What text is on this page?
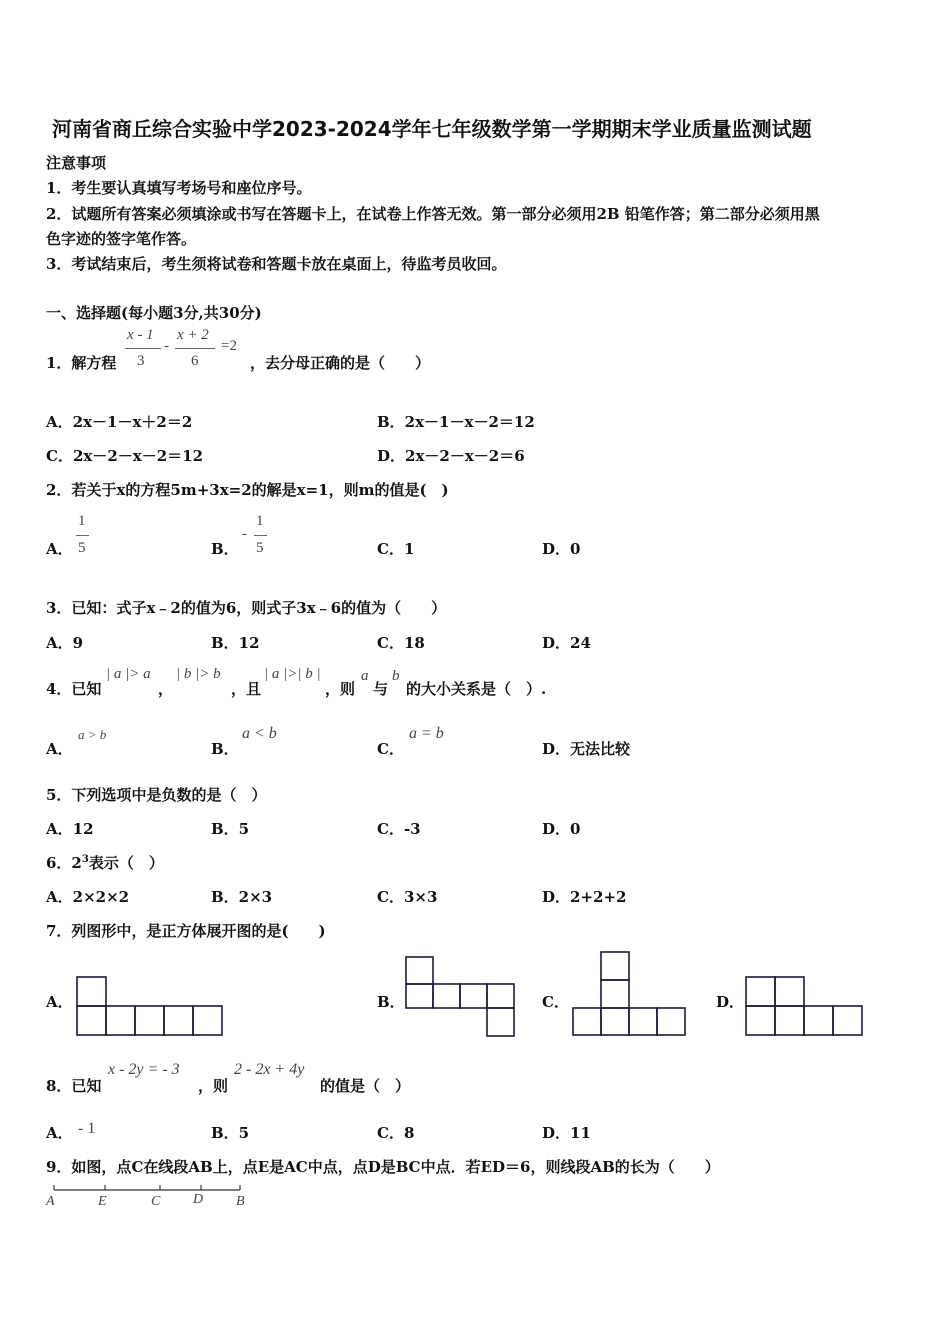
河南省商丘综合实验中学2023-2024学年七年级数学第一学期期末学业质量监测试题
注意事项
1．考生要认真填写考场号和座位序号。
2．试题所有答案必须填涂或书写在答题卡上，在试卷上作答无效。第一部分必须用2B 铅笔作答；第二部分必须用黑
色字迹的签字笔作答。
3．考试结束后，考生须将试卷和答题卡放在桌面上，待监考员收回。
一、选择题(每小题3分,共30分)
1．解方程
x - 1
3
-
x + 2
6
=2
，去分母正确的是（　　）
A．2x－1－x＋2＝2	B．2x－1－x－2＝12
C．2x－2－x－2＝12	D．2x－2－x－2＝6
2．若关于x的方程5m+3x=2的解是x=1，则m的值是(　)
A．
1
5	B．
-
1
5	C．1	D．0
3．已知：式子x﹣2的值为6，则式子3x﹣6的值为（　　）
A．9	B．12	C．18	D．24
4．已知
| a |> a
，
| b |> b
，且
| a |>| b |
，则
a
与
b
的大小关系是（　）.
A．
a > b
B．
a < b
C．
a = b
D．无法比较
5．下列选项中是负数的是（　）
A．12	B．5	C．-3	D．0
6．$2^3$表示（　）
A．2×2×2	B．2×3	C．3×3	D．2+2+2
7．列图形中，是正方体展开图的是(　　)
A．	B．	C．	D．
8．已知
x - 2y = - 3
，则
2 - 2x + 4y
的值是（　）
A． - 1	B．5	C．8	D．11
9．如图，点C在线段AB上，点E是AC中点，点D是BC中点．若ED＝6，则线段AB的长为（　　）
A	E	C D B
